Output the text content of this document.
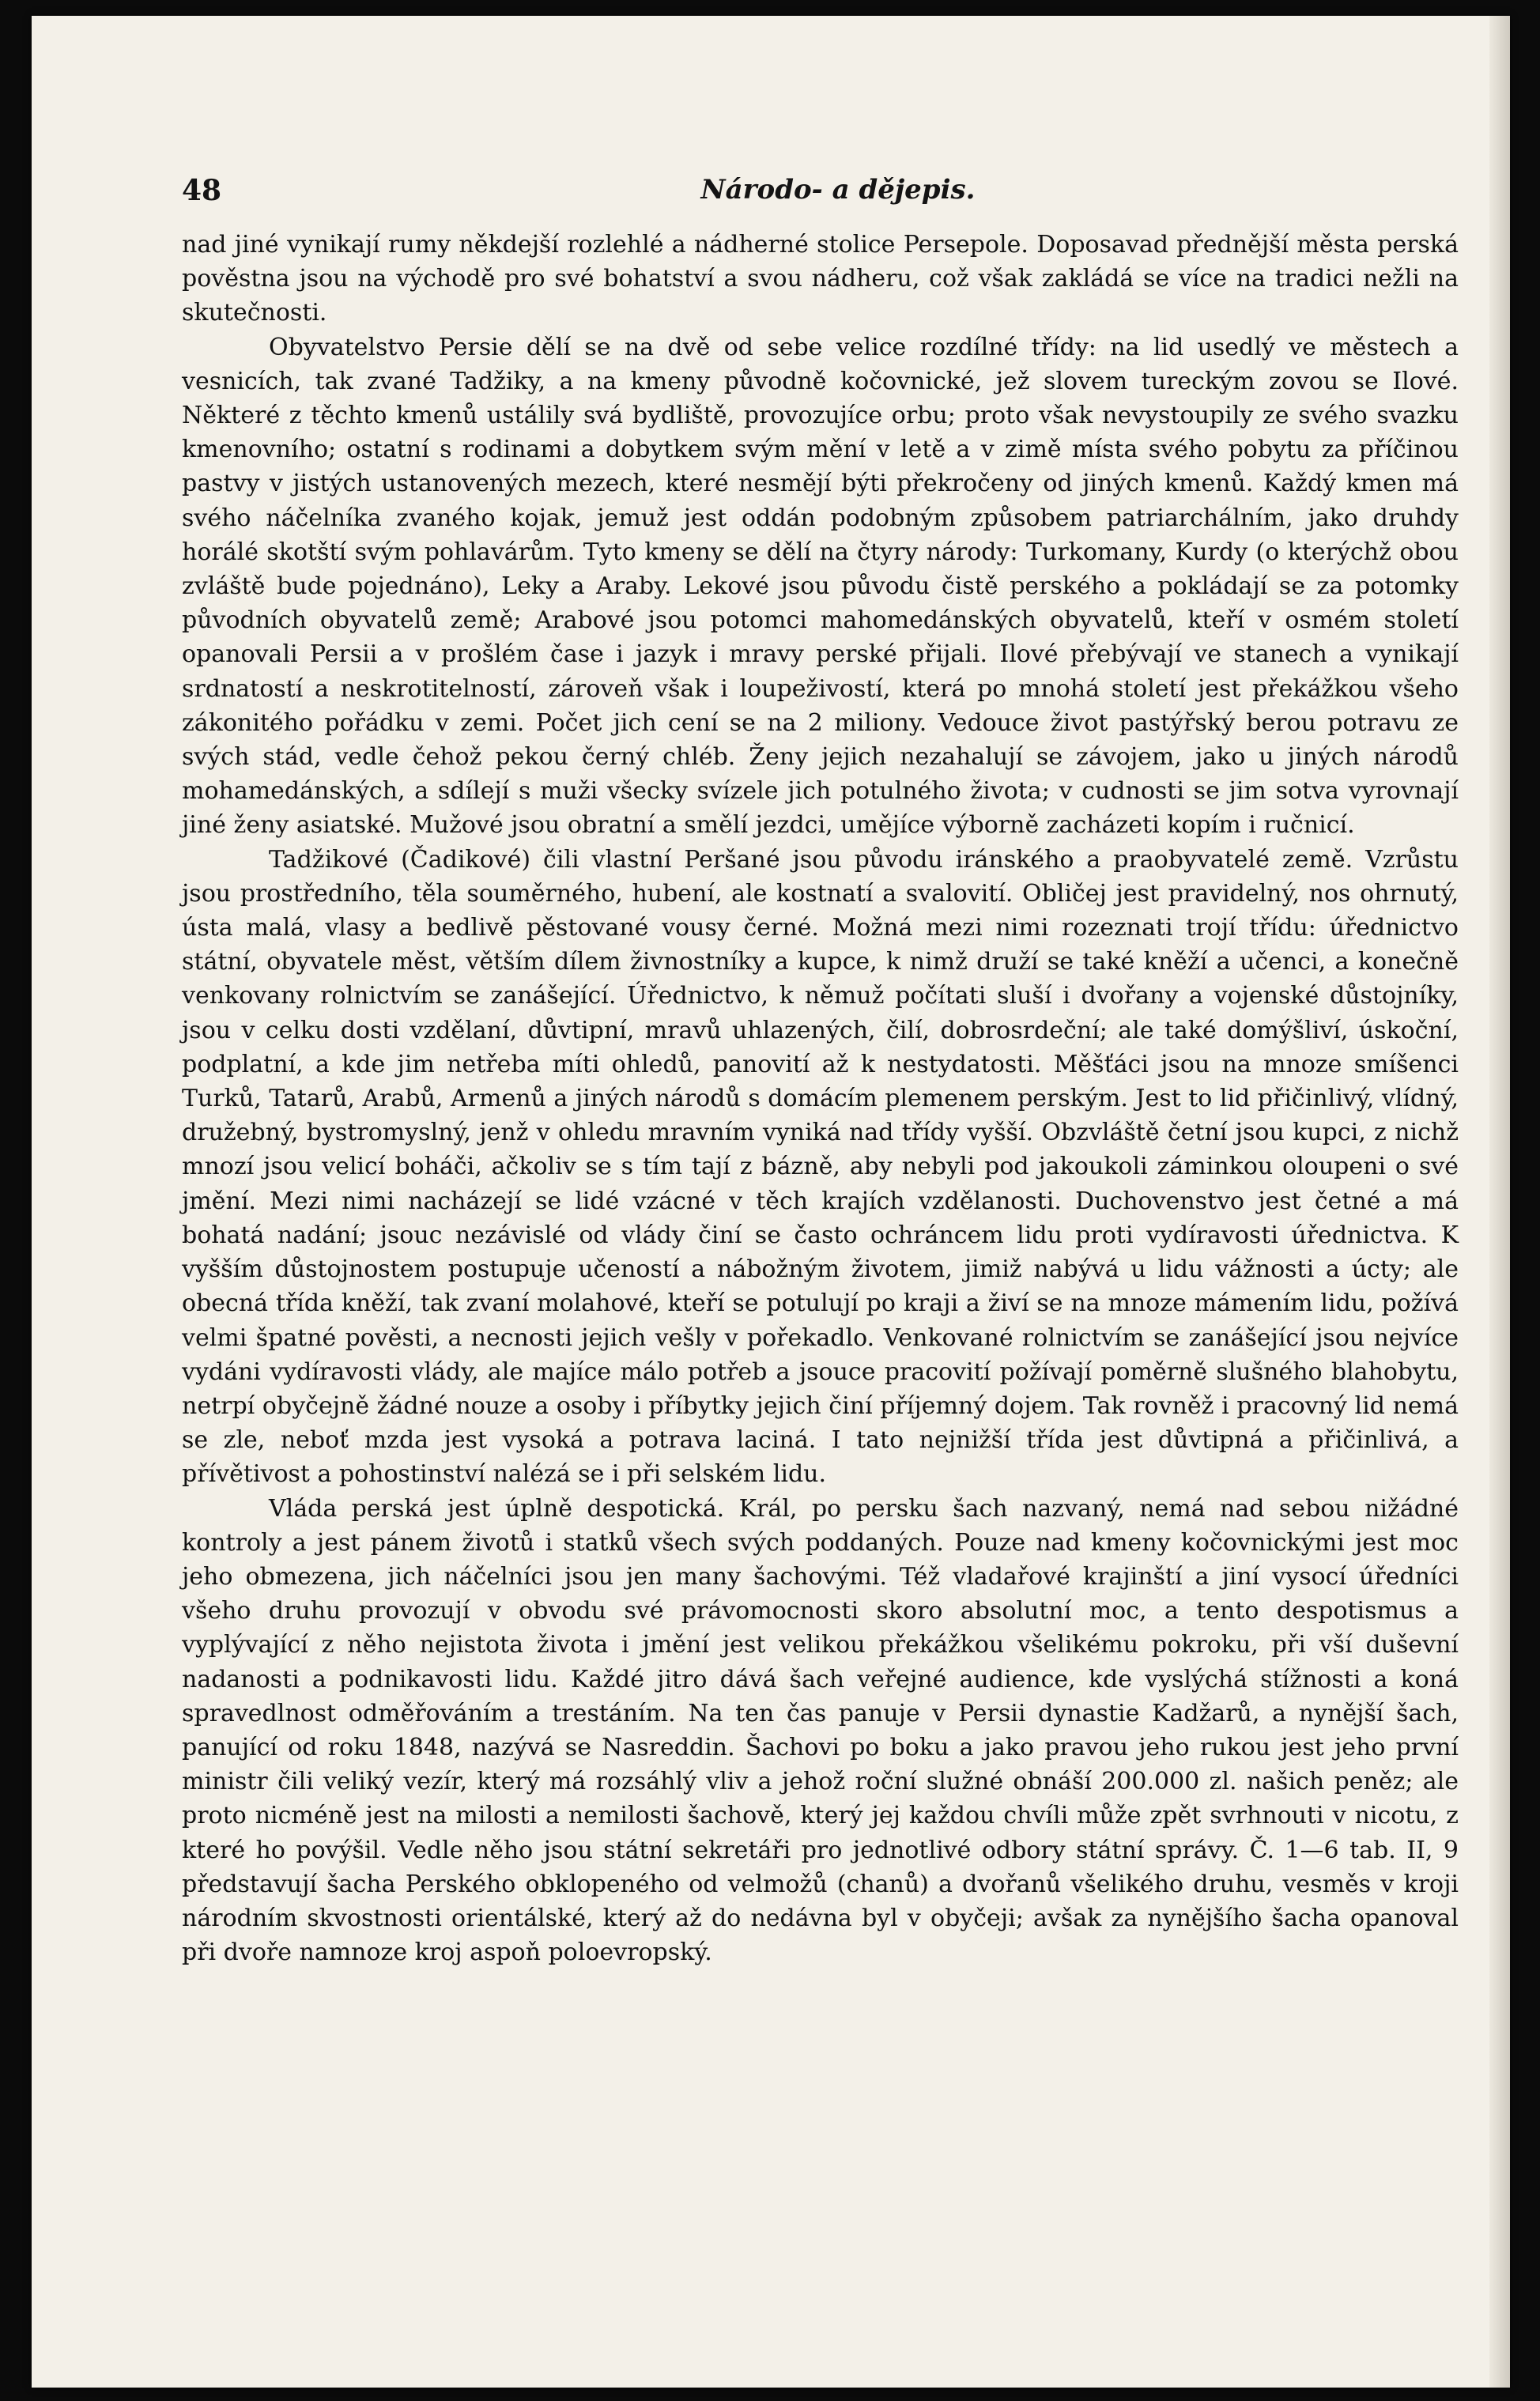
48	Nárоdo- a dějepis.

nad jiné vynikají rumy někdejší rozlehlé a nádherné stolice Persepole. Doposavad přednější města perská pověstna jsou na východě pro své bohatství a svou nádheru, což však zakládá se více na tradici nežli na skutečnosti.

Obyvatelstvo Persie dělí se na dvě od sebe velice rozdílné třídy: na lid usedlý ve městech a vesnicích, tak zvané Tadžiky, a na kmeny původně kočovnické, jež slovem tureckým zovou se Ilové. Některé z těchto kmenů ustálily svá bydliště, provozujíce orbu; proto však nevystoupily ze svého svazku kmenovního; ostatní s rodinami a dobytkem svým mění v letě a v zimě místa svého pobytu za příčinou pastvy v jistých ustanovených mezech, které nesmějí býti překročeny od jiných kmenů. Každý kmen má svého náčelníka zvaného kojak, jemuž jest oddán podobným způsobem patriarchálním, jako druhdy horálé skotští svým pohlavárům. Tyto kmeny se dělí na čtyry národy: Turkomany, Kurdy (o kterýchž obou zvláště bude pojednáno), Leky a Araby. Lekové jsou původu čistě perského a pokládají se za potomky původních obyvatelů země; Arabové jsou potomci mahomedánských obyvatelů, kteří v osmém století opanovali Persii a v prošlém čase i jazyk i mravy perské přijali. Ilové přebývají ve stanech a vynikají srdnatostí a neskrotitelností, zároveň však i loupeživostí, která po mnohá století jest překážkou všeho zákonitého pořádku v zemi. Počet jich cení se na 2 miliony. Vedouce život pastýřský berou potravu ze svých stád, vedle čehož pekou černý chléb. Ženy jejich nezahalují se závojem, jako u jiných národů mohamedánských, a sdílejí s muži všecky svízele jich potulného života; v cudnosti se jim sotva vyrovnají jiné ženy asiatské. Mužové jsou obratní a smělí jezdci, umějíce výborně zacházeti kopím i ručnicí.

Tadžikové (Čadikové) čili vlastní Peršané jsou původu iránského a praobyvatelé země. Vzrůstu jsou prostředního, těla souměrného, hubení, ale kostnatí a svalovití. Obličej jest pravidelný, nos ohrnutý, ústa malá, vlasy a bedlivě pěstované vousy černé. Možná mezi nimi rozeznati trojí třídu: úřednictvo státní, obyvatele měst, větším dílem živnostníky a kupce, k nimž druží se také kněží a učenci, a konečně venkovany rolnictvím se zanášející. Úřednictvo, k němuž počítati sluší i dvořany a vojenské důstojníky, jsou v celku dosti vzdělaní, důvtipní, mravů uhlazených, čilí, dobrosrdeční; ale také domýšliví, úskoční, podplatní, a kde jim netřeba míti ohledů, panovití až k nestydatosti. Měšťáci jsou na mnoze smíšenci Turků, Tatarů, Arabů, Armenů a jiných národů s domácím plemenem perským. Jest to lid přičinlivý, vlídný, družebný, bystromyslný, jenž v ohledu mravním vyniká nad třídy vyšší. Obzvláště četní jsou kupci, z nichž mnozí jsou velicí boháči, ačkoliv se s tím tají z bázně, aby nebyli pod jakoukoli záminkou oloupeni o své jmění. Mezi nimi nacházejí se lidé vzácné v těch krajích vzdělanosti. Duchovenstvo jest četné a má bohatá nadání; jsouc nezávislé od vlády činí se často ochráncem lidu proti vydíravosti úřednictva. K vyšším důstojnostem postupuje učeností a nábožným životem, jimiž nabývá u lidu vážnosti a úcty; ale obecná třída kněží, tak zvaní molahové, kteří se potulují po kraji a živí se na mnoze mámením lidu, požívá velmi špatné pověsti, a necnosti jejich vešly v pořekadlo. Venkované rolnictvím se zanášející jsou nejvíce vydáni vydíravosti vlády, ale majíce málo potřeb a jsouce pracovití požívají poměrně slušného blahobytu, netrpí obyčejně žádné nouze a osoby i příbytky jejich činí příjemný dojem. Tak rovněž i pracovný lid nemá se zle, neboť mzda jest vysoká a potrava laciná. I tato nejnižší třída jest důvtipná a přičinlivá, a přívětivost a pohostinství nalézá se i při selském lidu.

Vláda perská jest úplně despotická. Král, po persku šach nazvaný, nemá nad sebou nižádné kontroly a jest pánem životů i statků všech svých poddaných. Pouze nad kmeny kočovnickými jest moc jeho obmezena, jich náčelníci jsou jen many šachovými. Též vladařové krajinští a jiní vysocí úředníci všeho druhu provozují v obvodu své právomocnosti skoro absolutní moc, a tento despotismus a vyplývající z něho nejistota života i jmění jest velikou překážkou všelikému pokroku, při vší duševní nadanosti a podnikavosti lidu. Každé jitro dává šach veřejné audience, kde vyslýchá stížnosti a koná spravedlnost odměřováním a trestáním. Na ten čas panuje v Persii dynastie Kadžarů, a nynější šach, panující od roku 1848, nazývá se Nasreddin. Šachovi po boku a jako pravou jeho rukou jest jeho první ministr čili veliký vezír, který má rozsáhlý vliv a jehož roční služné obnáší 200.000 zl. našich peněz; ale proto nicméně jest na milosti a nemilosti šachově, který jej každou chvíli může zpět svrhnouti v nicotu, z které ho povýšil. Vedle něho jsou státní sekretáři pro jednotlivé odbory státní správy. Č. 1—6 tab. II, 9 představují šacha Perského obklopeného od velmožů (chanů) a dvořanů všelikého druhu, vesměs v kroji národním skvostnosti orientálské, který až do nedávna byl v obyčeji; avšak za nynějšího šacha opanoval při dvoře namnoze kroj aspoň poloevropský.
